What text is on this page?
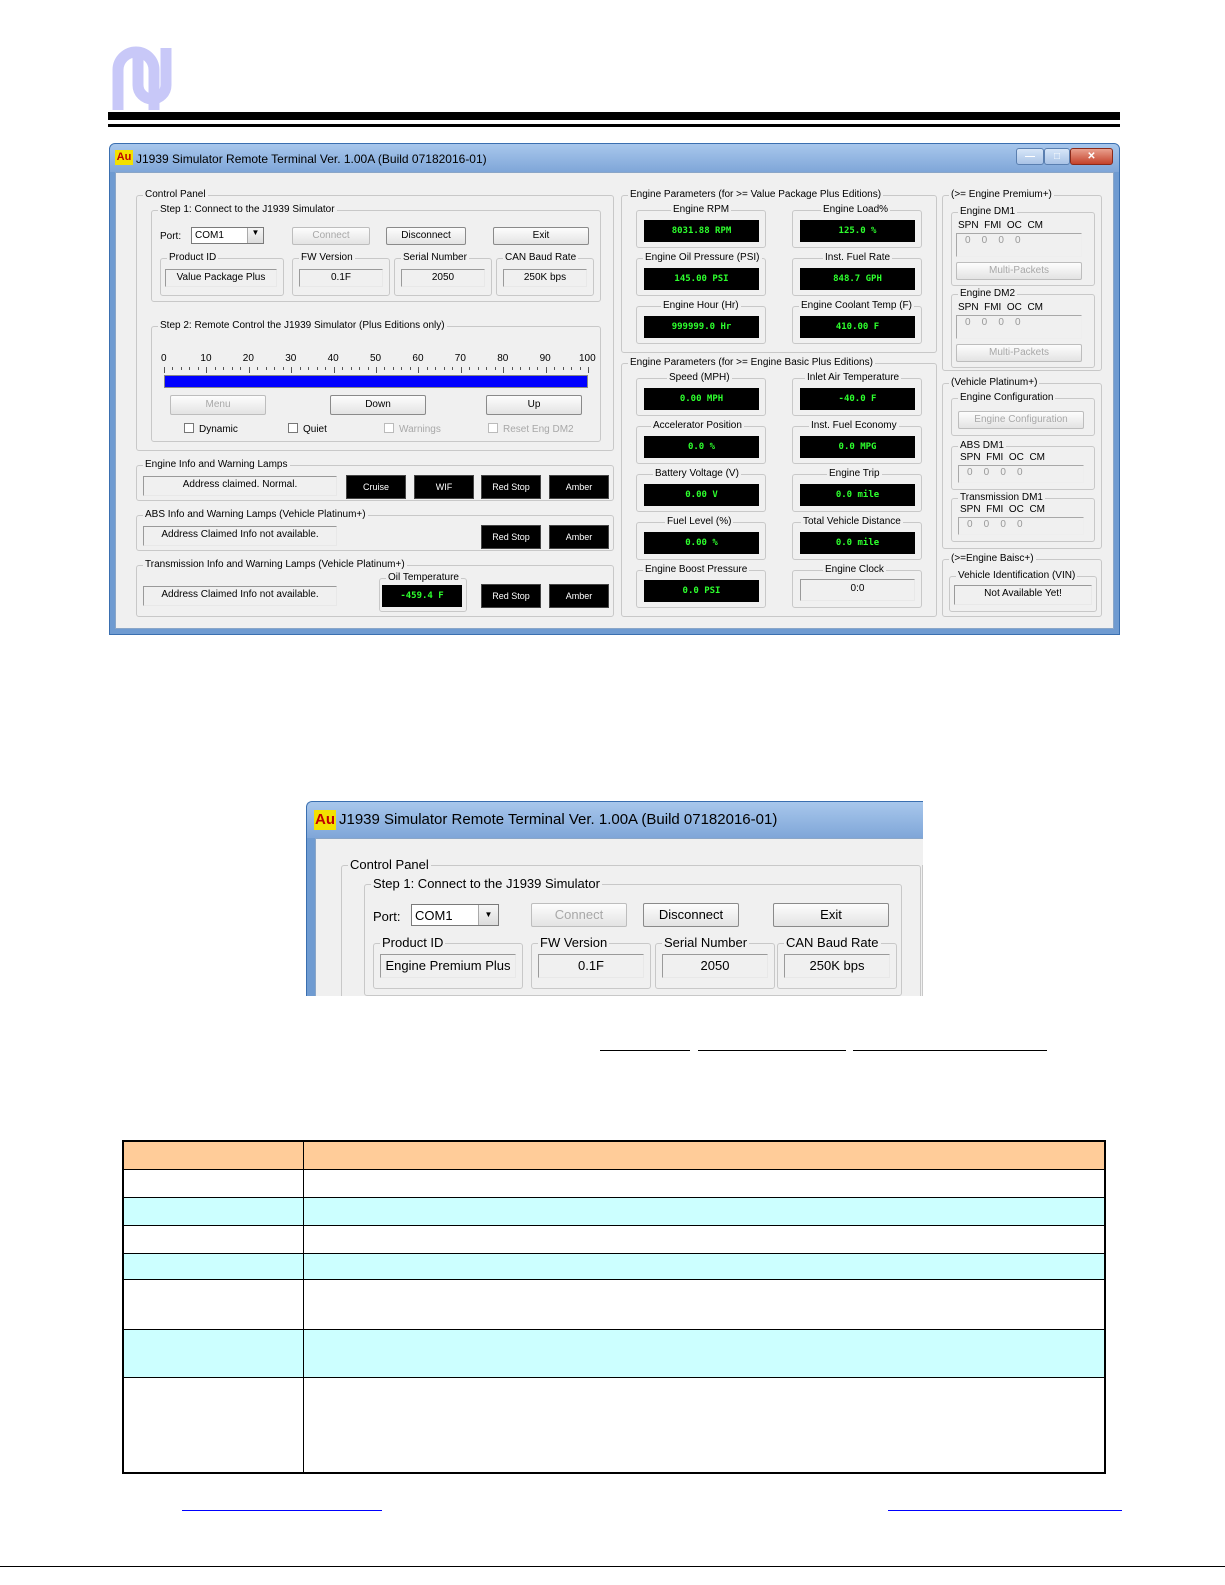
Au J1939 Simulator Remote Terminal Ver. 1.00A (Build 07182016-01)	—	□	✕
Control Panel
Step 1: Connect to the J1939 Simulator
Port: COM1	▼	Connect	Disconnect	Exit
Product ID
Value Package Plus
FW Version
0.1F
Serial Number
2050
CAN Baud Rate
250K bps
Step 2: Remote Control the J1939 Simulator (Plus Editions only)
0	10	20	30	40	50	60	70	80	90	100
Menu	Down	Up
Dynamic	Quiet	Warnings	Reset Eng DM2
Engine Info and Warning Lamps
Address claimed. Normal.	Cruise	WIF	Red Stop	Amber
ABS Info and Warning Lamps (Vehicle Platinum+)
Address Claimed Info not available.	Red Stop	Amber
Transmission Info and Warning Lamps (Vehicle Platinum+)
Address Claimed Info not available.
Oil Temperature
-459.4 F	Red Stop	Amber
Engine Parameters (for >= Value Package Plus Editions)
Engine RPM
8031.88 RPM
Engine Load%
125.0 %
Engine Oil Pressure (PSI)
145.00 PSI
Inst. Fuel Rate
848.7 GPH
Engine Hour (Hr)
999999.0 Hr
Engine Coolant Temp (F)
410.00 F
Engine Parameters (for >= Engine Basic Plus Editions)
Speed (MPH)
0.00 MPH
Inlet Air Temperature
-40.0 F
Accelerator Position
0.0 %
Inst. Fuel Economy
0.0 MPG
Battery Voltage (V)
0.00 V
Engine Trip
0.0 mile
Fuel Level (%)
0.00 %
Total Vehicle Distance
0.0 mile
Engine Boost Pressure
0.0 PSI
Engine Clock
0:0
(>= Engine Premium+)
Engine DM1
SPN  FMI  OC  CM
0    0    0    0
Multi-Packets
Engine DM2
SPN  FMI  OC  CM
0    0    0    0
Multi-Packets
(Vehicle Platinum+)
Engine Configuration
Engine Configuration
ABS DM1
SPN  FMI  OC  CM
0    0    0    0
Transmission DM1
SPN  FMI  OC  CM
0    0    0    0
(>=Engine Baisc+)
Vehicle Identification (VIN)
Not Available Yet!
Au J1939 Simulator Remote Terminal Ver. 1.00A (Build 07182016-01)
Control Panel
Step 1: Connect to the J1939 Simulator
Port: COM1	▼	Connect	Disconnect	Exit
Product ID
Engine Premium Plus
FW Version
0.1F
Serial Number
2050
CAN Baud Rate
250K bps
